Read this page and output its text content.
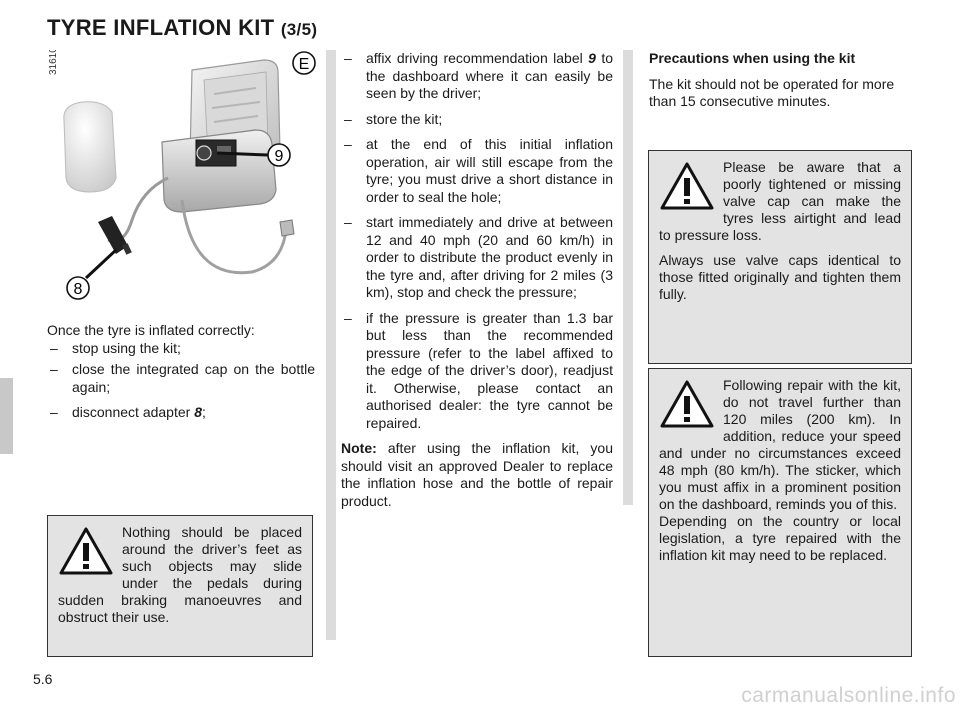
TYRE INFLATION KIT (3/5)
31610	E
9
8
Once the tyre is inflated correctly:
– stop using the kit;
– close the integrated cap on the bottle again;
– disconnect adapter 8;

Nothing should be placed around the driver’s feet as such objects may slide under the pedals during sudden braking manoeuvres and obstruct their use.

– affix driving recommendation label 9 to the dashboard where it can easily be seen by the driver;
– store the kit;
– at the end of this initial inflation operation, air will still escape from the tyre; you must drive a short distance in order to seal the hole;
– start immediately and drive at between 12 and 40 mph (20 and 60 km/h) in order to distribute the product evenly in the tyre and, after driving for 2 miles (3 km), stop and check the pressure;
– if the pressure is greater than 1.3 bar but less than the recommended pressure (refer to the label affixed to the edge of the driver’s door), readjust it. Otherwise, please contact an authorised dealer: the tyre cannot be repaired.

Note: after using the inflation kit, you should visit an approved Dealer to replace the inflation hose and the bottle of repair product.

Precautions when using the kit

The kit should not be operated for more than 15 consecutive minutes.

Please be aware that a poorly tightened or missing valve cap can make the tyres less airtight and lead to pressure loss.

Always use valve caps identical to those fitted originally and tighten them fully.

Following repair with the kit, do not travel further than 120 miles (200 km). In addition, reduce your speed and under no circumstances exceed 48 mph (80 km/h). The sticker, which you must affix in a prominent position on the dashboard, reminds you of this.

Depending on the country or local legislation, a tyre repaired with the inflation kit may need to be replaced.

5.6
carmanualsonline.info
